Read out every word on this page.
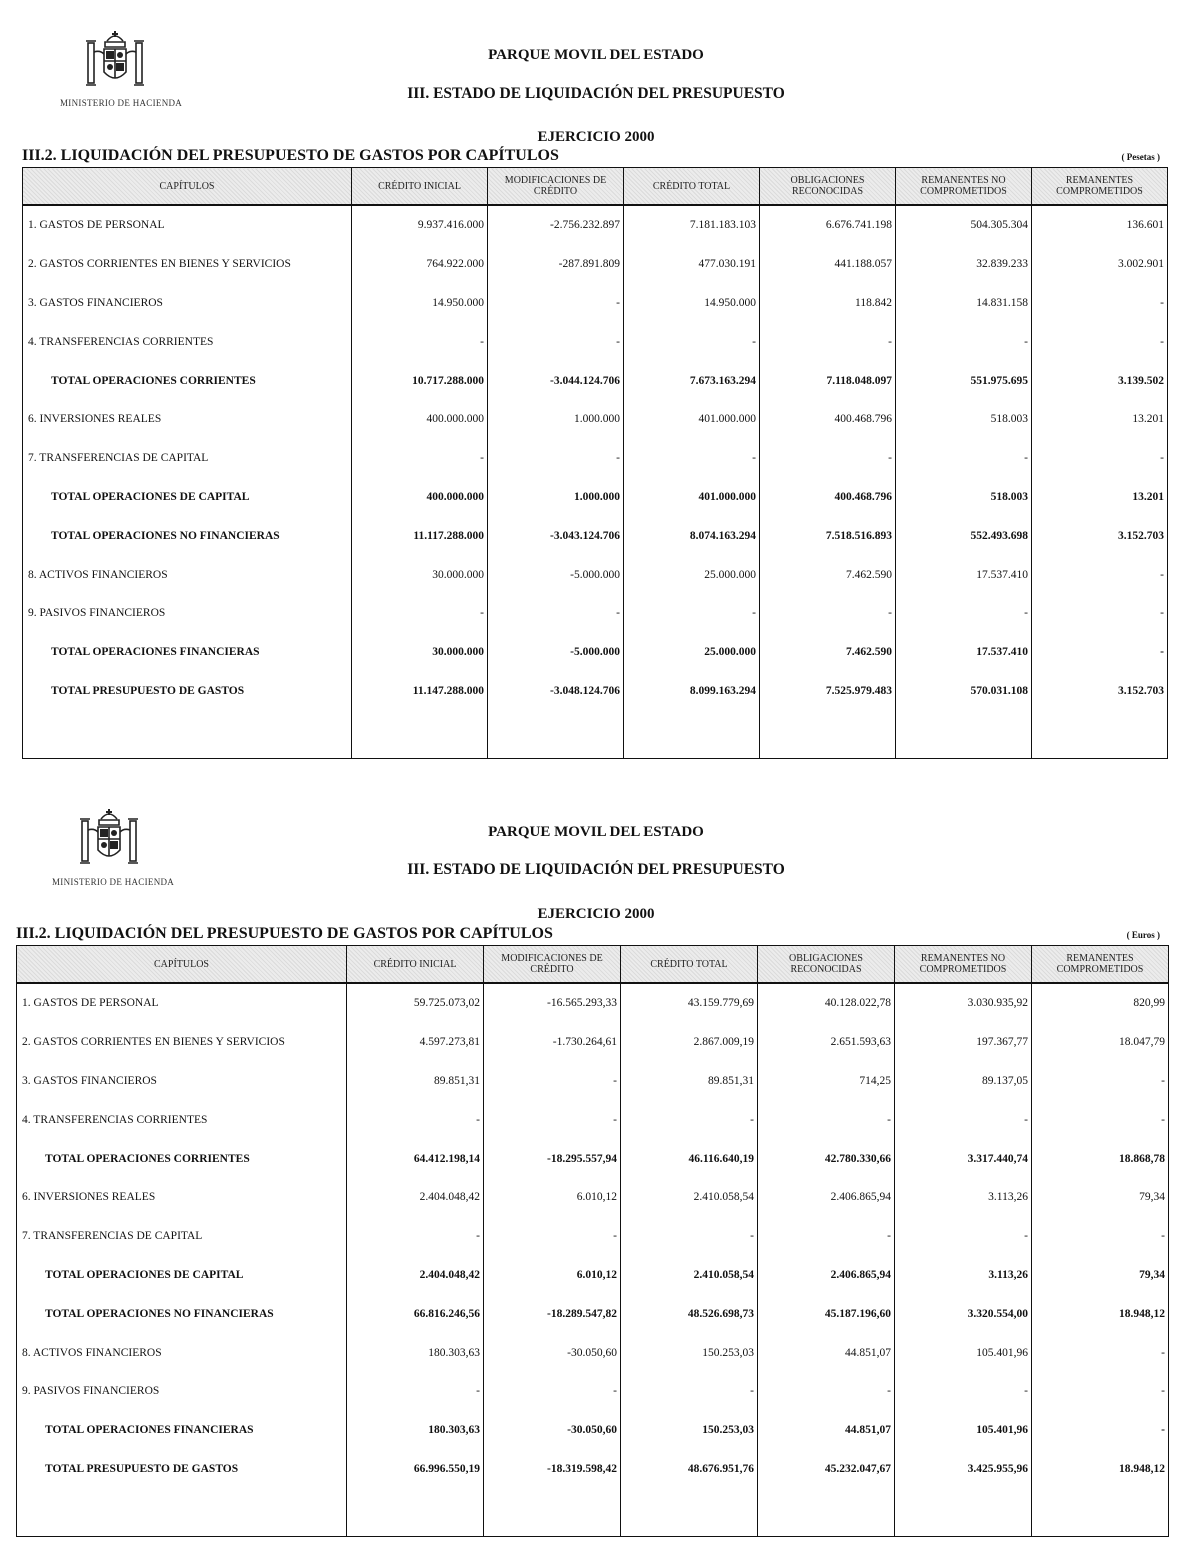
MINISTERIO DE HACIENDA
PARQUE MOVIL DEL ESTADO
III. ESTADO DE LIQUIDACIÓN DEL PRESUPUESTO
EJERCICIO 2000
III.2. LIQUIDACIÓN DEL PRESUPUESTO DE GASTOS POR CAPÍTULOS	( Pesetas )
CAPÍTULOS	CRÉDITO INICIAL	MODIFICACIONES DE CRÉDITO	CRÉDITO TOTAL	OBLIGACIONES RECONOCIDAS	REMANENTES NO COMPROMETIDOS	REMANENTES COMPROMETIDOS
1. GASTOS DE PERSONAL	9.937.416.000	-2.756.232.897	7.181.183.103	6.676.741.198	504.305.304	136.601
2. GASTOS CORRIENTES EN BIENES Y SERVICIOS	764.922.000	-287.891.809	477.030.191	441.188.057	32.839.233	3.002.901
3. GASTOS FINANCIEROS	14.950.000	-	14.950.000	118.842	14.831.158	-
4. TRANSFERENCIAS CORRIENTES	-	-	-	-	-	-
TOTAL OPERACIONES CORRIENTES	10.717.288.000	-3.044.124.706	7.673.163.294	7.118.048.097	551.975.695	3.139.502
6. INVERSIONES REALES	400.000.000	1.000.000	401.000.000	400.468.796	518.003	13.201
7. TRANSFERENCIAS DE CAPITAL	-	-	-	-	-	-
TOTAL OPERACIONES DE CAPITAL	400.000.000	1.000.000	401.000.000	400.468.796	518.003	13.201
TOTAL OPERACIONES NO FINANCIERAS	11.117.288.000	-3.043.124.706	8.074.163.294	7.518.516.893	552.493.698	3.152.703
8. ACTIVOS FINANCIEROS	30.000.000	-5.000.000	25.000.000	7.462.590	17.537.410	-
9. PASIVOS FINANCIEROS	-	-	-	-	-	-
TOTAL OPERACIONES FINANCIERAS	30.000.000	-5.000.000	25.000.000	7.462.590	17.537.410	-
TOTAL PRESUPUESTO DE GASTOS	11.147.288.000	-3.048.124.706	8.099.163.294	7.525.979.483	570.031.108	3.152.703

MINISTERIO DE HACIENDA
PARQUE MOVIL DEL ESTADO
III. ESTADO DE LIQUIDACIÓN DEL PRESUPUESTO
EJERCICIO 2000
III.2. LIQUIDACIÓN DEL PRESUPUESTO DE GASTOS POR CAPÍTULOS	( Euros )
CAPÍTULOS	CRÉDITO INICIAL	MODIFICACIONES DE CRÉDITO	CRÉDITO TOTAL	OBLIGACIONES RECONOCIDAS	REMANENTES NO COMPROMETIDOS	REMANENTES COMPROMETIDOS
1. GASTOS DE PERSONAL	59.725.073,02	-16.565.293,33	43.159.779,69	40.128.022,78	3.030.935,92	820,99
2. GASTOS CORRIENTES EN BIENES Y SERVICIOS	4.597.273,81	-1.730.264,61	2.867.009,19	2.651.593,63	197.367,77	18.047,79
3. GASTOS FINANCIEROS	89.851,31	-	89.851,31	714,25	89.137,05	-
4. TRANSFERENCIAS CORRIENTES	-	-	-	-	-	-
TOTAL OPERACIONES CORRIENTES	64.412.198,14	-18.295.557,94	46.116.640,19	42.780.330,66	3.317.440,74	18.868,78
6. INVERSIONES REALES	2.404.048,42	6.010,12	2.410.058,54	2.406.865,94	3.113,26	79,34
7. TRANSFERENCIAS DE CAPITAL	-	-	-	-	-	-
TOTAL OPERACIONES DE CAPITAL	2.404.048,42	6.010,12	2.410.058,54	2.406.865,94	3.113,26	79,34
TOTAL OPERACIONES NO FINANCIERAS	66.816.246,56	-18.289.547,82	48.526.698,73	45.187.196,60	3.320.554,00	18.948,12
8. ACTIVOS FINANCIEROS	180.303,63	-30.050,60	150.253,03	44.851,07	105.401,96	-
9. PASIVOS FINANCIEROS	-	-	-	-	-	-
TOTAL OPERACIONES FINANCIERAS	180.303,63	-30.050,60	150.253,03	44.851,07	105.401,96	-
TOTAL PRESUPUESTO DE GASTOS	66.996.550,19	-18.319.598,42	48.676.951,76	45.232.047,67	3.425.955,96	18.948,12
